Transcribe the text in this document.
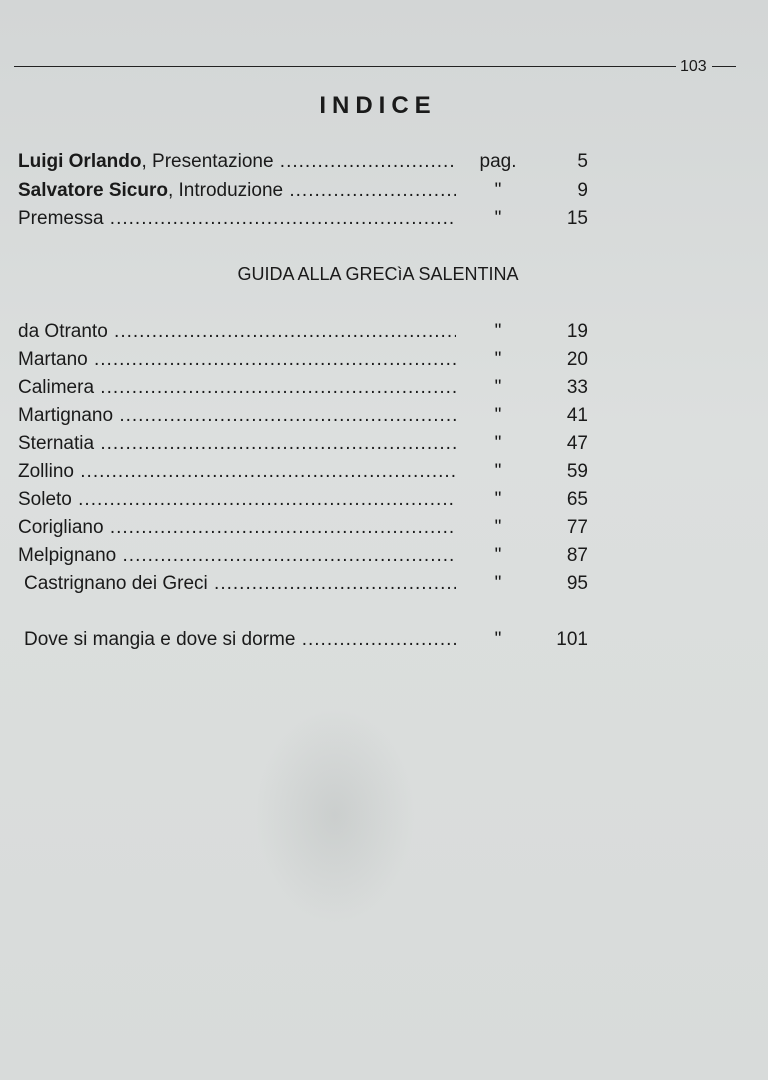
103
INDICE
Luigi Orlando, Presentazione .....	pag.	5
Salvatore Sicuro, Introduzione .....	"	9
Premessa .....	"	15
GUIDA ALLA GRECìA SALENTINA
da Otranto .....	"	19
Martano .....	"	20
Calimera .....	"	33
Martignano .....	"	41
Sternatia .....	"	47
Zollino .....	"	59
Soleto .....	"	65
Corigliano .....	"	77
Melpignano .....	"	87
Castrignano dei Greci .....	"	95
Dove si mangia e dove si dorme .....	"	101
